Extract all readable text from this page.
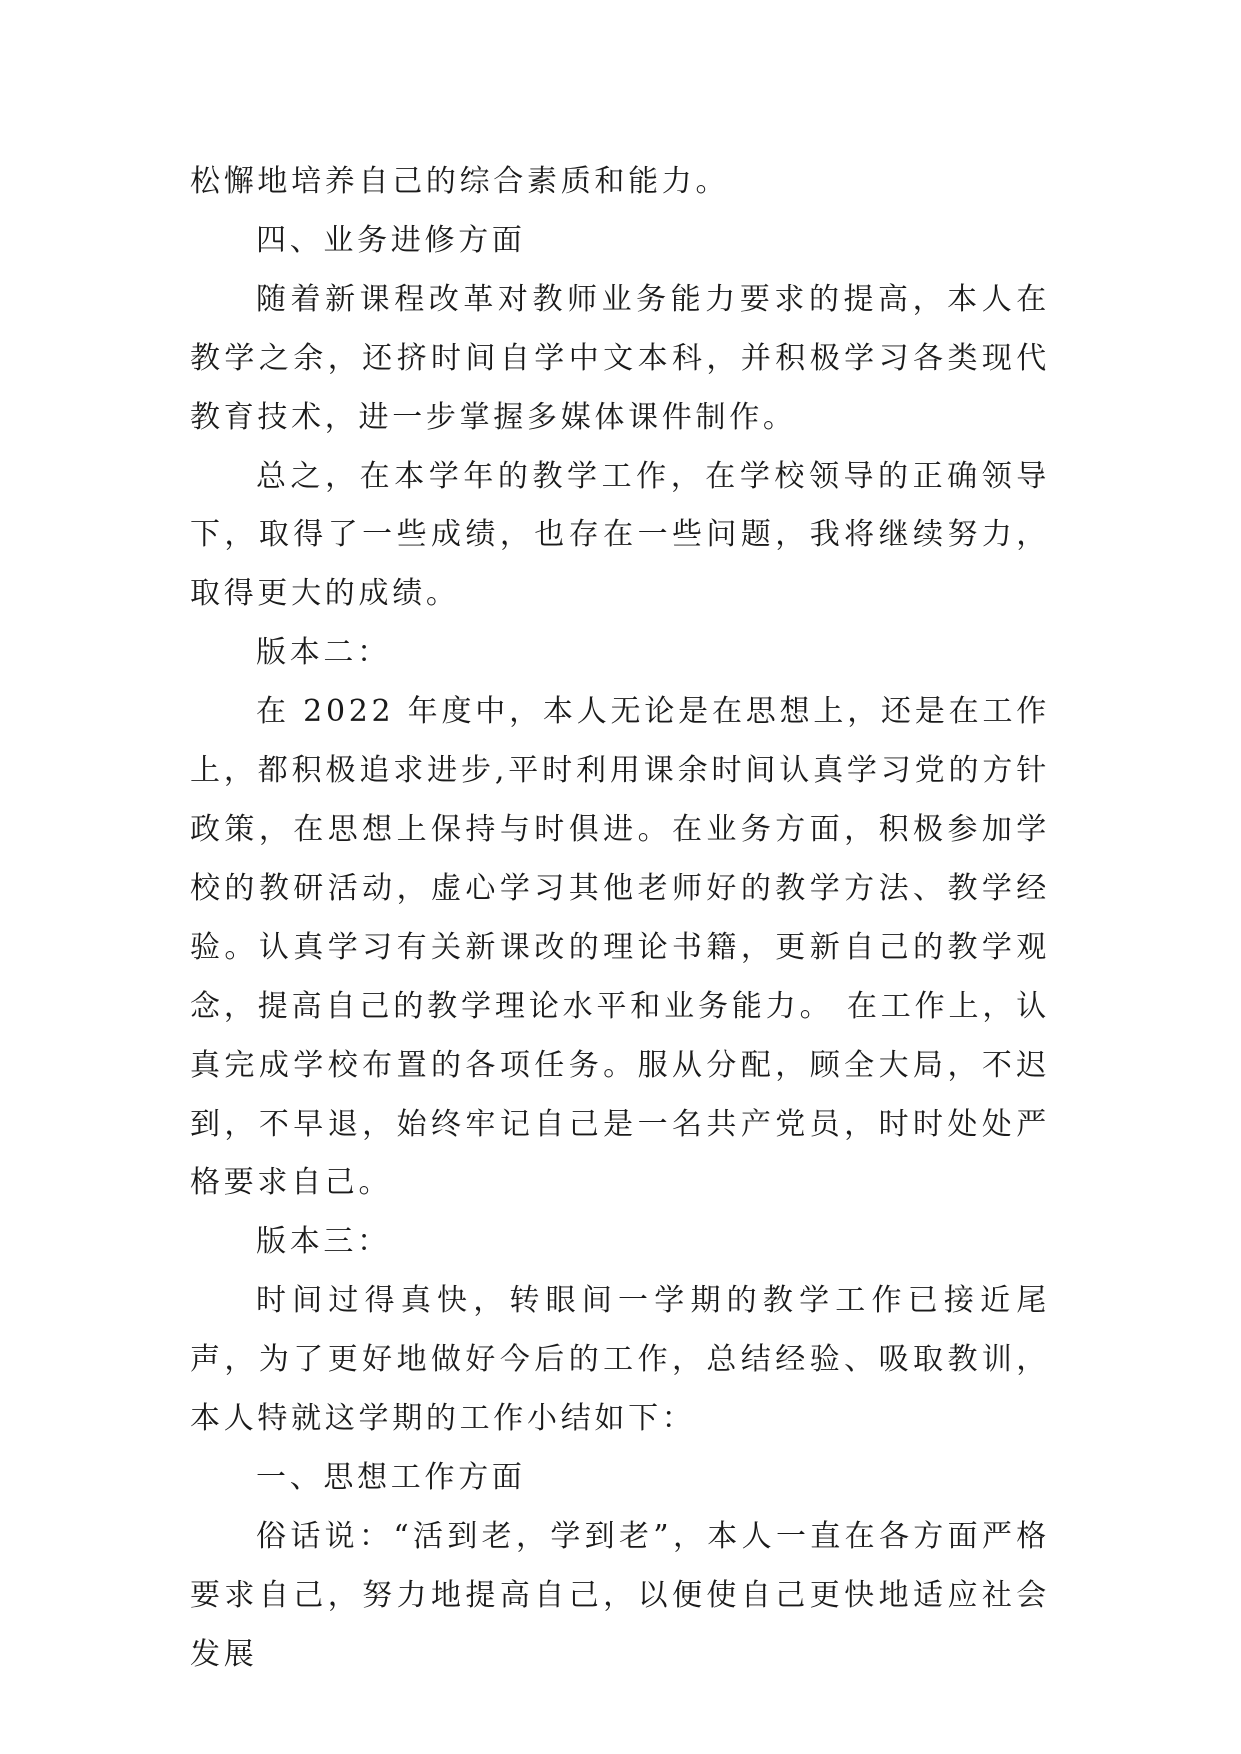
松懈地培养自己的综合素质和能力。

四、业务进修方面

随着新课程改革对教师业务能力要求的提高，本人在教学之余，还挤时间自学中文本科，并积极学习各类现代教育技术，进一步掌握多媒体课件制作。

总之，在本学年的教学工作，在学校领导的正确领导下，取得了一些成绩，也存在一些问题，我将继续努力，取得更大的成绩。

版本二：

在 2022 年度中，本人无论是在思想上，还是在工作上，都积极追求进步,平时利用课余时间认真学习党的方针政策，在思想上保持与时俱进。在业务方面，积极参加学校的教研活动，虚心学习其他老师好的教学方法、教学经验。认真学习有关新课改的理论书籍，更新自己的教学观念，提高自己的教学理论水平和业务能力。 在工作上，认真完成学校布置的各项任务。服从分配，顾全大局，不迟到，不早退，始终牢记自己是一名共产党员，时时处处严格要求自己。

版本三：

时间过得真快，转眼间一学期的教学工作已接近尾声，为了更好地做好今后的工作，总结经验、吸取教训，本人特就这学期的工作小结如下：

一、思想工作方面

俗话说：“活到老，学到老”，本人一直在各方面严格要求自己，努力地提高自己，以便使自己更快地适应社会发展
